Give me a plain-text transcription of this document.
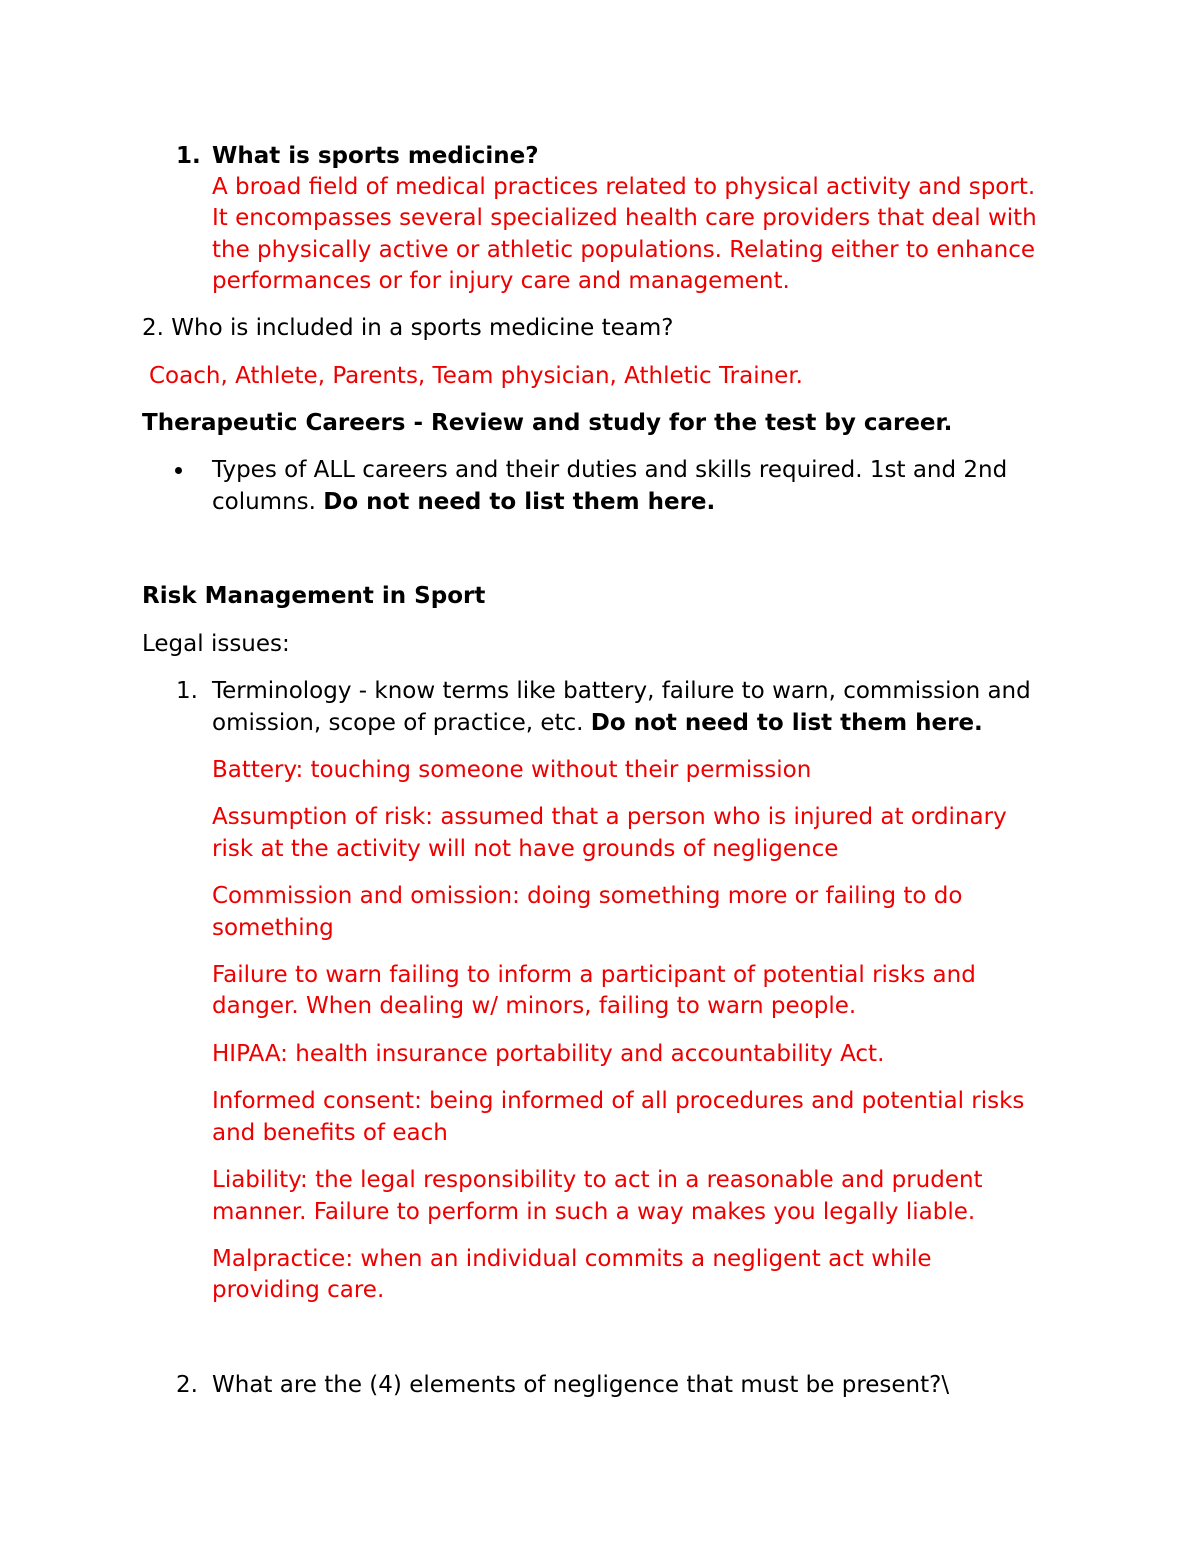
1. What is sports medicine?
A broad field of medical practices related to physical activity and sport.
It encompasses several specialized health care providers that deal with
the physically active or athletic populations. Relating either to enhance
performances or for injury care and management.
2. Who is included in a sports medicine team?
Coach, Athlete, Parents, Team physician, Athletic Trainer.
Therapeutic Careers - Review and study for the test by career.
Types of ALL careers and their duties and skills required. 1st and 2nd
columns. Do not need to list them here.
Risk Management in Sport
Legal issues:
1. Terminology - know terms like battery, failure to warn, commission and
omission, scope of practice, etc. Do not need to list them here.
Battery: touching someone without their permission
Assumption of risk: assumed that a person who is injured at ordinary
risk at the activity will not have grounds of negligence
Commission and omission: doing something more or failing to do
something
Failure to warn failing to inform a participant of potential risks and
danger. When dealing w/ minors, failing to warn people.
HIPAA: health insurance portability and accountability Act.
Informed consent: being informed of all procedures and potential risks
and benefits of each
Liability: the legal responsibility to act in a reasonable and prudent
manner. Failure to perform in such a way makes you legally liable.
Malpractice: when an individual commits a negligent act while
providing care.
2. What are the (4) elements of negligence that must be present?\
